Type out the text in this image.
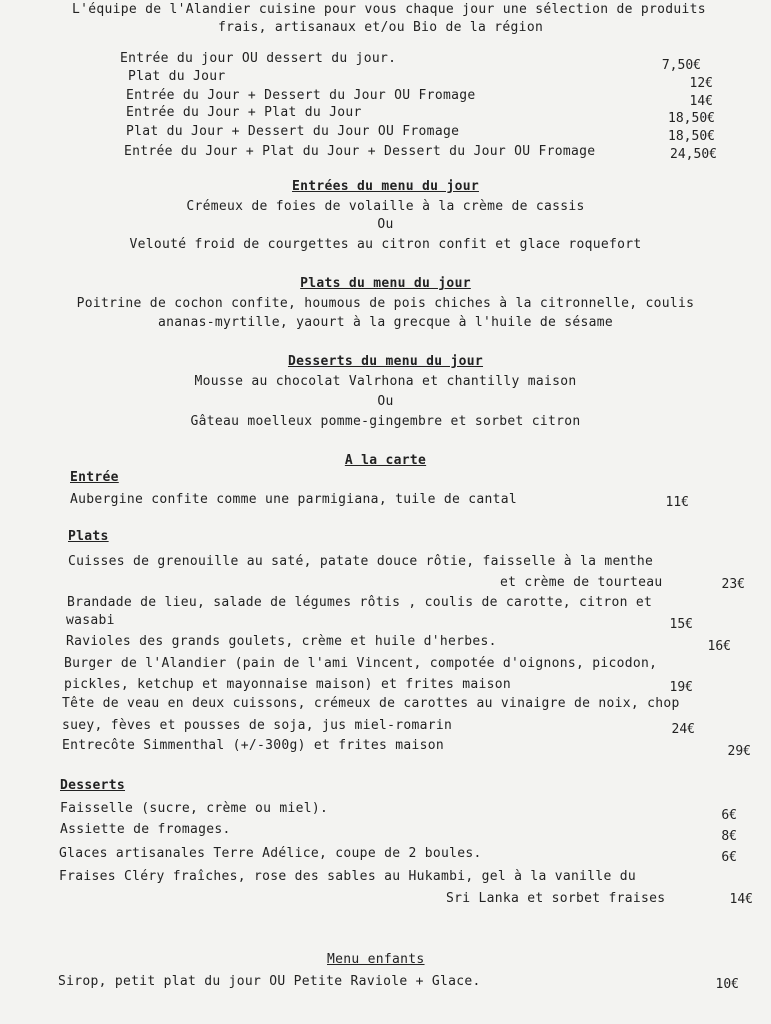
L'équipe de l'Alandier cuisine pour vous chaque jour une sélection de produits
frais, artisanaux et/ou Bio de la région
Entrée du jour OU dessert du jour.	7,50€
Plat du Jour	12€
Entrée du Jour + Dessert du Jour OU Fromage	14€
Entrée du Jour + Plat du Jour	18,50€
Plat du Jour + Dessert du Jour OU Fromage	18,50€
Entrée du Jour + Plat du Jour + Dessert du Jour OU Fromage	24,50€
Entrées du menu du jour
Crémeux de foies de volaille à la crème de cassis
Ou
Velouté froid de courgettes au citron confit et glace roquefort
Plats du menu du jour
Poitrine de cochon confite, houmous de pois chiches à la citronnelle, coulis
ananas-myrtille, yaourt à la grecque à l'huile de sésame
Desserts du menu du jour
Mousse au chocolat Valrhona et chantilly maison
Ou
Gâteau moelleux pomme-gingembre et sorbet citron
A la carte
Entrée
Aubergine confite comme une parmigiana, tuile de cantal	11€
Plats
Cuisses de grenouille au saté, patate douce rôtie, faisselle à la menthe
et crème de tourteau	23€
Brandade de lieu, salade de légumes rôtis , coulis de carotte, citron et
wasabi	15€
Ravioles des grands goulets, crème et huile d'herbes.	16€
Burger de l'Alandier (pain de l'ami Vincent, compotée d'oignons, picodon,
pickles, ketchup et mayonnaise maison) et frites maison	19€
Tête de veau en deux cuissons, crémeux de carottes au vinaigre de noix, chop
suey, fèves et pousses de soja, jus miel-romarin	24€
Entrecôte Simmenthal (+/-300g) et frites maison	29€
Desserts
Faisselle (sucre, crème ou miel).	6€
Assiette de fromages.	8€
Glaces artisanales Terre Adélice, coupe de 2 boules.	6€
Fraises Cléry fraîches, rose des sables au Hukambi, gel à la vanille du
Sri Lanka et sorbet fraises	14€
Menu enfants
Sirop, petit plat du jour OU Petite Raviole + Glace.	10€
